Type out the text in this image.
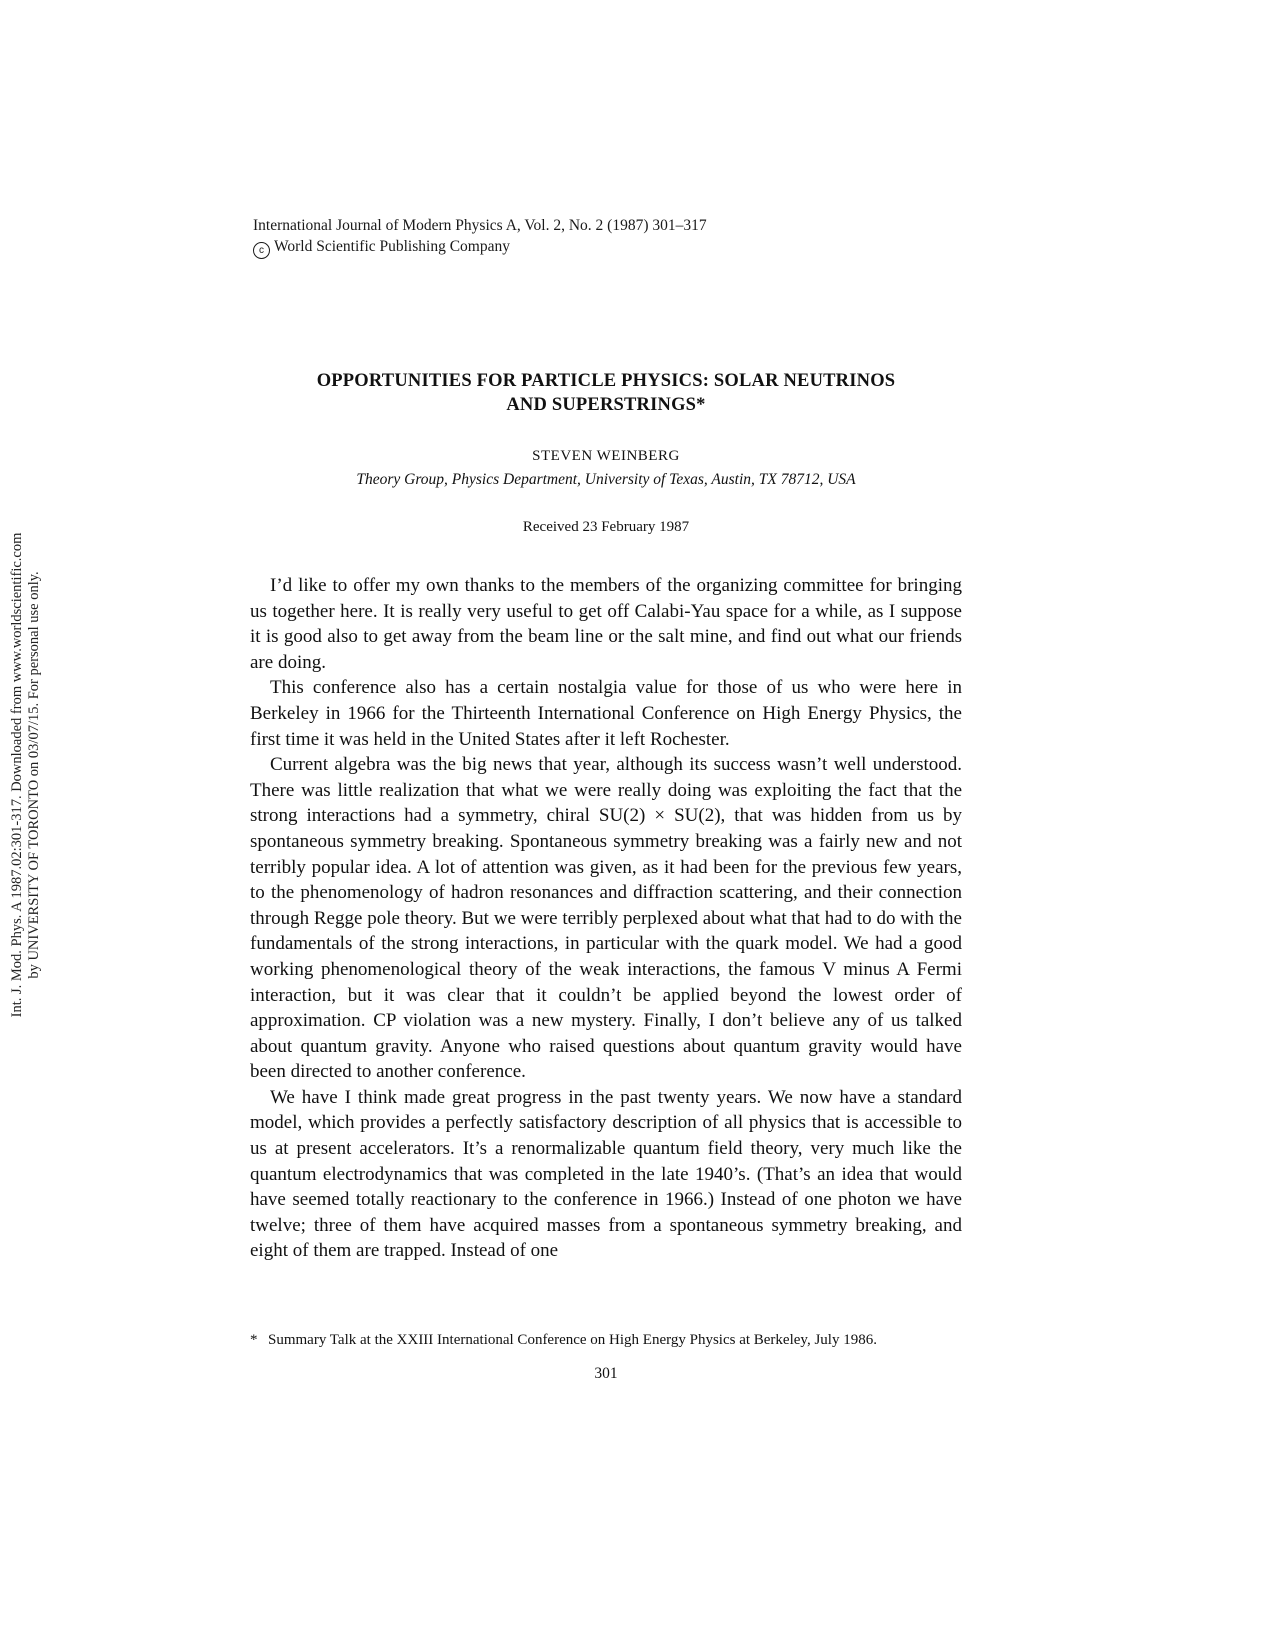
Int. J. Mod. Phys. A 1987.02:301-317. Downloaded from www.worldscientific.com by UNIVERSITY OF TORONTO on 03/07/15. For personal use only.
International Journal of Modern Physics A, Vol. 2, No. 2 (1987) 301–317
c World Scientific Publishing Company
OPPORTUNITIES FOR PARTICLE PHYSICS: SOLAR NEUTRINOS
AND SUPERSTRINGS*
STEVEN WEINBERG
Theory Group, Physics Department, University of Texas, Austin, TX 78712, USA
Received 23 February 1987

I’d like to offer my own thanks to the members of the organizing committee for bringing us together here. It is really very useful to get off Calabi-Yau space for a while, as I suppose it is good also to get away from the beam line or the salt mine, and find out what our friends are doing.

This conference also has a certain nostalgia value for those of us who were here in Berkeley in 1966 for the Thirteenth International Conference on High Energy Physics, the first time it was held in the United States after it left Rochester.

Current algebra was the big news that year, although its success wasn’t well understood. There was little realization that what we were really doing was exploiting the fact that the strong interactions had a symmetry, chiral SU(2) × SU(2), that was hidden from us by spontaneous symmetry breaking. Spontaneous symmetry breaking was a fairly new and not terribly popular idea. A lot of attention was given, as it had been for the previous few years, to the phenomenology of hadron resonances and diffraction scattering, and their connection through Regge pole theory. But we were terribly perplexed about what that had to do with the fundamentals of the strong interactions, in particular with the quark model. We had a good working phenomenological theory of the weak interactions, the famous V minus A Fermi interaction, but it was clear that it couldn’t be applied beyond the lowest order of approximation. CP violation was a new mystery. Finally, I don’t believe any of us talked about quantum gravity. Anyone who raised questions about quantum gravity would have been directed to another conference.

We have I think made great progress in the past twenty years. We now have a standard model, which provides a perfectly satisfactory description of all physics that is accessible to us at present accelerators. It’s a renormalizable quantum field theory, very much like the quantum electrodynamics that was completed in the late 1940’s. (That’s an idea that would have seemed totally reactionary to the conference in 1966.) Instead of one photon we have twelve; three of them have acquired masses from a spontaneous symmetry breaking, and eight of them are trapped. Instead of one

* Summary Talk at the XXIII International Conference on High Energy Physics at Berkeley, July 1986.
301
